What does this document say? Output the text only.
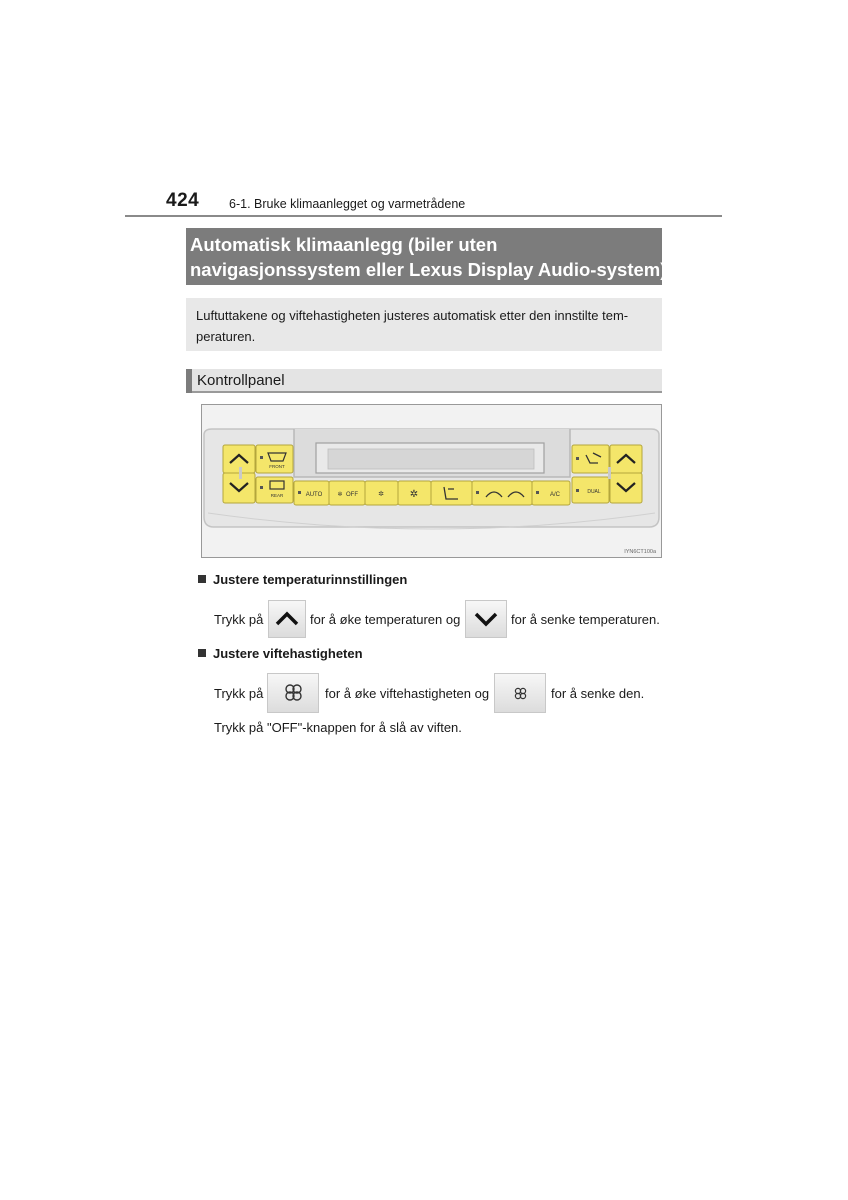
424 6-1. Bruke klimaanlegget og varmetrådene
Automatisk klimaanlegg (biler uten
navigasjonssystem eller Lexus Display Audio-system)
Luftuttakene og viftehastigheten justeres automatisk etter den innstilte tem-
peraturen.
Kontrollpanel
FRONT
REAR	AUTO	✲ OFF	✲	✲	A/C	DUAL
IYN6CT100a
Justere temperaturinnstillingen
Trykk på	for å øke temperaturen og	for å senke temperaturen.
Justere viftehastigheten
Trykk på	for å øke viftehastigheten og	for å senke den.
Trykk på "OFF"-knappen for å slå av viften.
